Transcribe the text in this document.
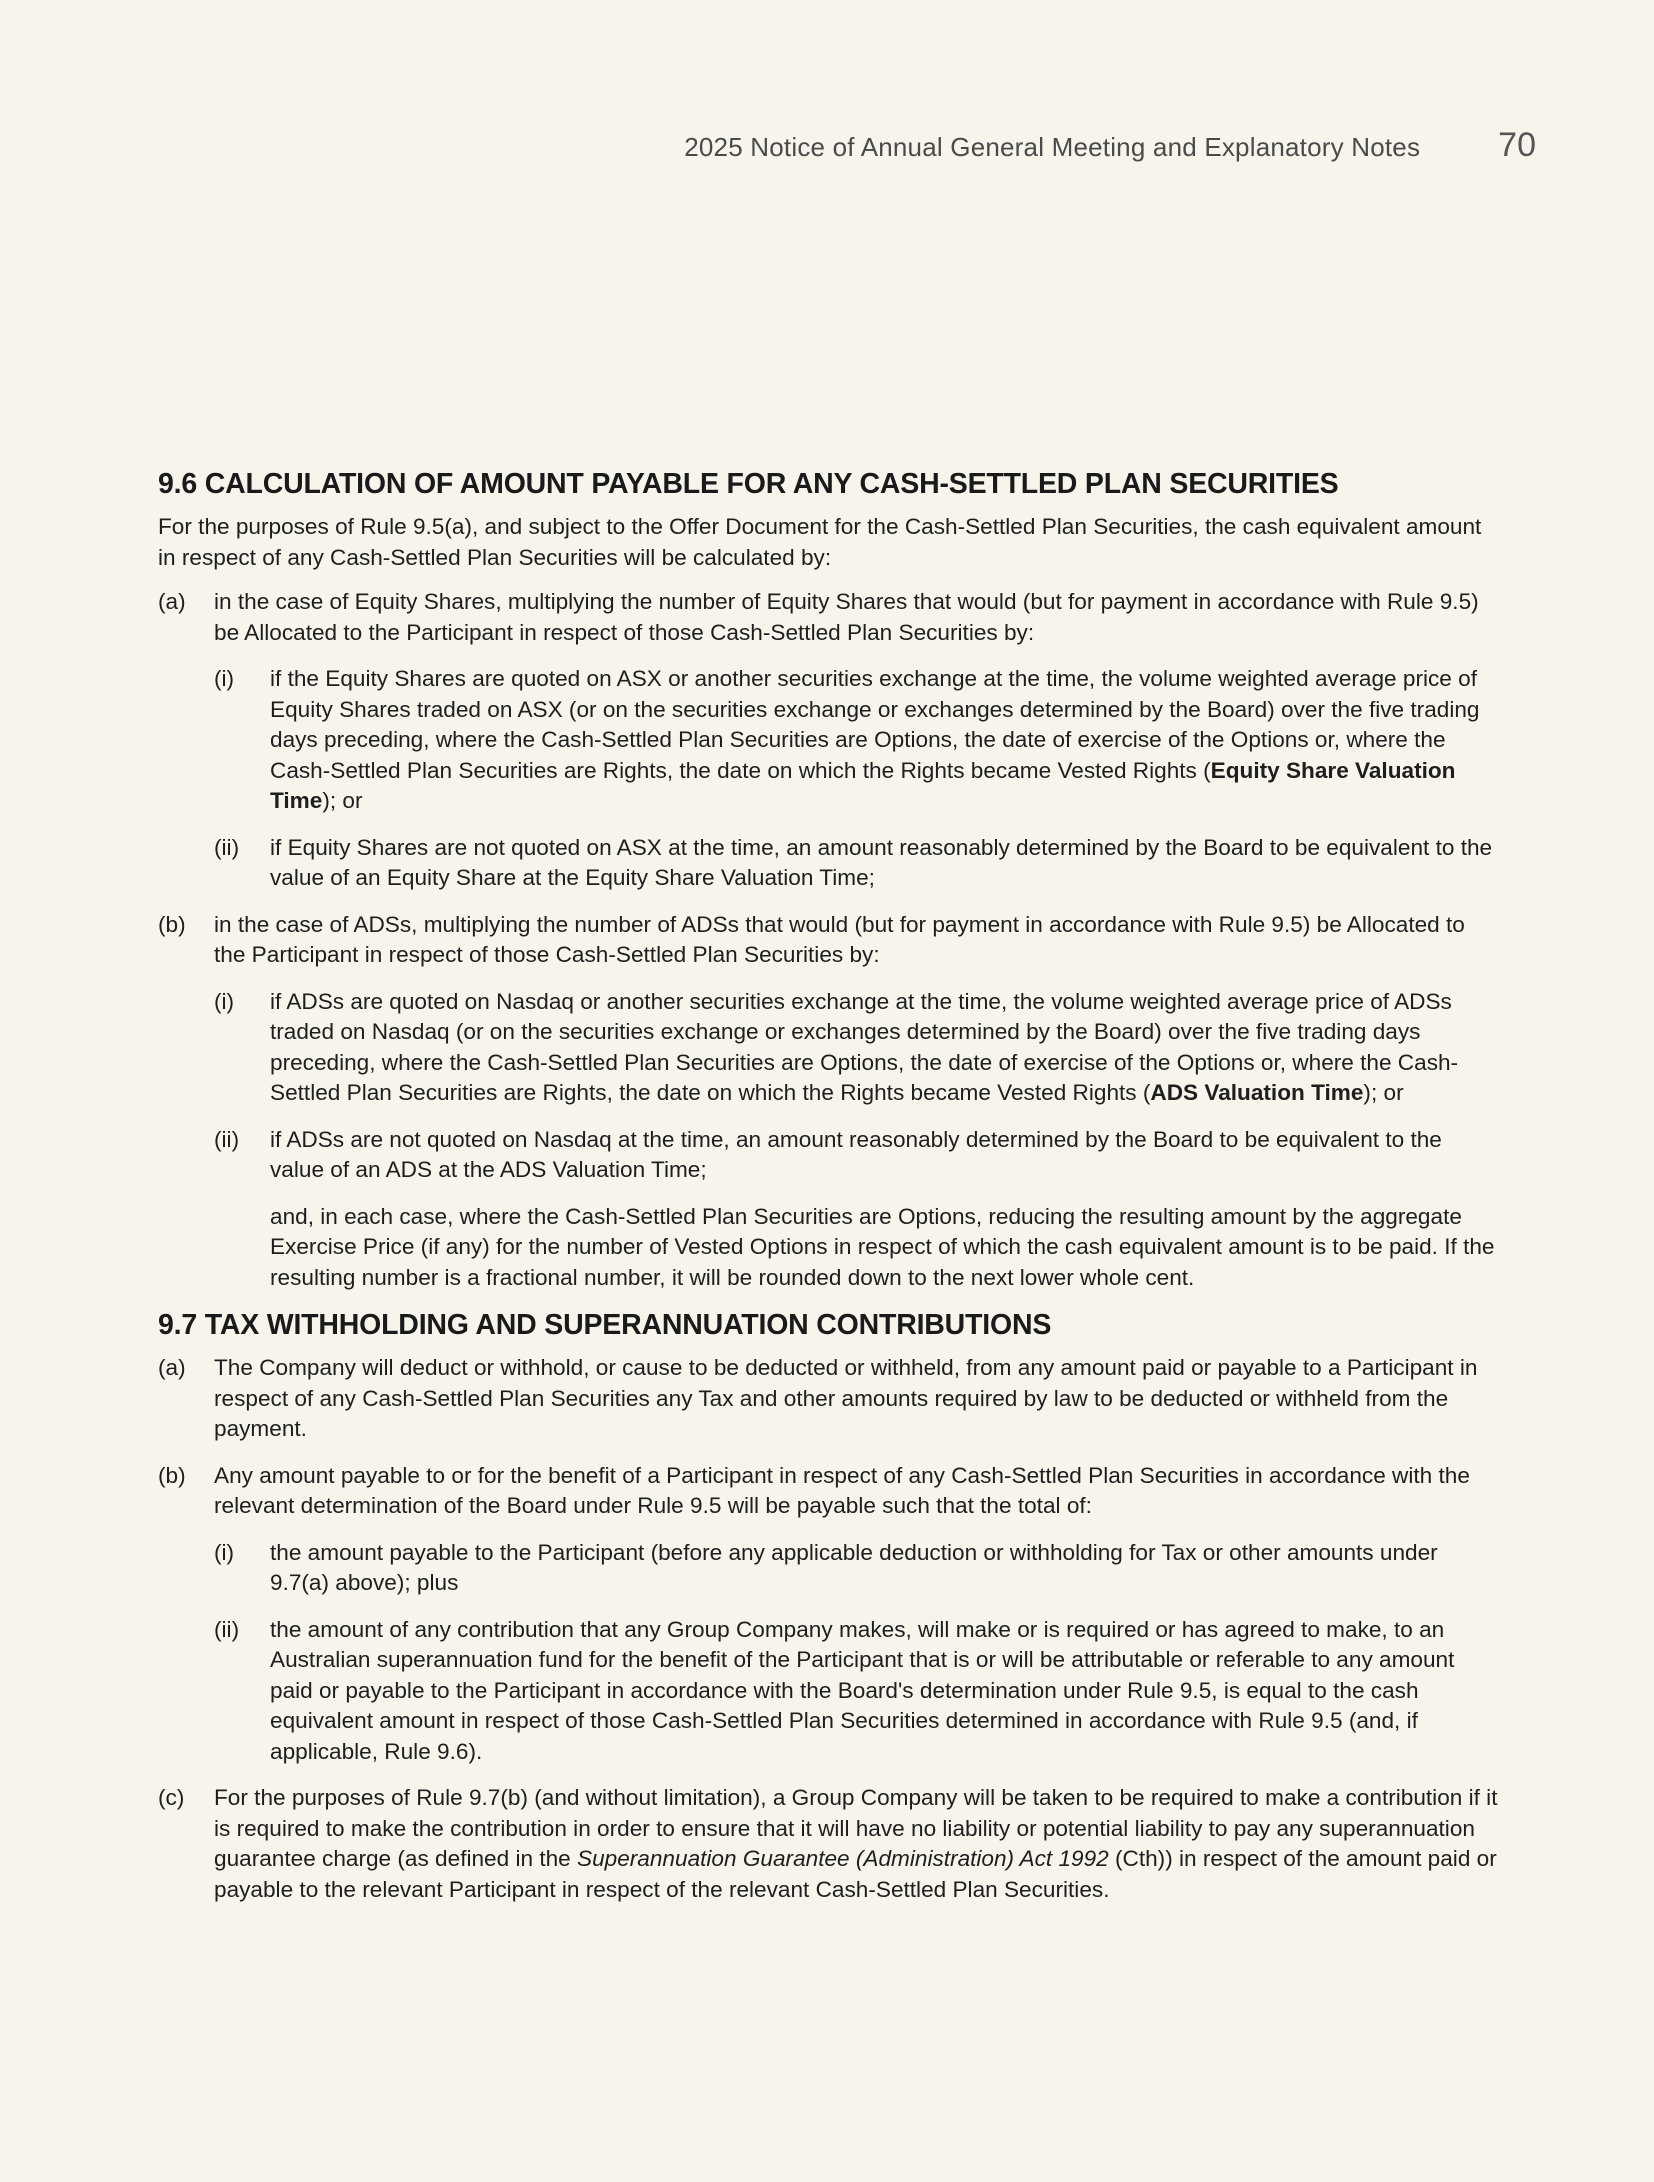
2025 Notice of Annual General Meeting and Explanatory Notes 70
9.6 CALCULATION OF AMOUNT PAYABLE FOR ANY CASH-SETTLED PLAN SECURITIES

For the purposes of Rule 9.5(a), and subject to the Offer Document for the Cash-Settled Plan Securities, the cash equivalent amount in respect of any Cash-Settled Plan Securities will be calculated by:

(a)	in the case of Equity Shares, multiplying the number of Equity Shares that would (but for payment in accordance with Rule 9.5) be Allocated to the Participant in respect of those Cash-Settled Plan Securities by:
(i)	if the Equity Shares are quoted on ASX or another securities exchange at the time, the volume weighted average price of Equity Shares traded on ASX (or on the securities exchange or exchanges determined by the Board) over the five trading days preceding, where the Cash-Settled Plan Securities are Options, the date of exercise of the Options or, where the Cash-Settled Plan Securities are Rights, the date on which the Rights became Vested Rights (Equity Share Valuation Time); or
(ii)	if Equity Shares are not quoted on ASX at the time, an amount reasonably determined by the Board to be equivalent to the value of an Equity Share at the Equity Share Valuation Time;
(b)	in the case of ADSs, multiplying the number of ADSs that would (but for payment in accordance with Rule 9.5) be Allocated to the Participant in respect of those Cash-Settled Plan Securities by:
(i)	if ADSs are quoted on Nasdaq or another securities exchange at the time, the volume weighted average price of ADSs traded on Nasdaq (or on the securities exchange or exchanges determined by the Board) over the five trading days preceding, where the Cash-Settled Plan Securities are Options, the date of exercise of the Options or, where the Cash-Settled Plan Securities are Rights, the date on which the Rights became Vested Rights (ADS Valuation Time); or
(ii)	if ADSs are not quoted on Nasdaq at the time, an amount reasonably determined by the Board to be equivalent to the value of an ADS at the ADS Valuation Time;

and, in each case, where the Cash-Settled Plan Securities are Options, reducing the resulting amount by the aggregate Exercise Price (if any) for the number of Vested Options in respect of which the cash equivalent amount is to be paid. If the resulting number is a fractional number, it will be rounded down to the next lower whole cent.

9.7 TAX WITHHOLDING AND SUPERANNUATION CONTRIBUTIONS
(a)	The Company will deduct or withhold, or cause to be deducted or withheld, from any amount paid or payable to a Participant in respect of any Cash-Settled Plan Securities any Tax and other amounts required by law to be deducted or withheld from the payment.
(b)	Any amount payable to or for the benefit of a Participant in respect of any Cash-Settled Plan Securities in accordance with the relevant determination of the Board under Rule 9.5 will be payable such that the total of:
(i)	the amount payable to the Participant (before any applicable deduction or withholding for Tax or other amounts under 9.7(a) above); plus
(ii)	the amount of any contribution that any Group Company makes, will make or is required or has agreed to make, to an Australian superannuation fund for the benefit of the Participant that is or will be attributable or referable to any amount paid or payable to the Participant in accordance with the Board's determination under Rule 9.5, is equal to the cash equivalent amount in respect of those Cash-Settled Plan Securities determined in accordance with Rule 9.5 (and, if applicable, Rule 9.6).
(c)	For the purposes of Rule 9.7(b) (and without limitation), a Group Company will be taken to be required to make a contribution if it is required to make the contribution in order to ensure that it will have no liability or potential liability to pay any superannuation guarantee charge (as defined in the Superannuation Guarantee (Administration) Act 1992 (Cth)) in respect of the amount paid or payable to the relevant Participant in respect of the relevant Cash-Settled Plan Securities.
